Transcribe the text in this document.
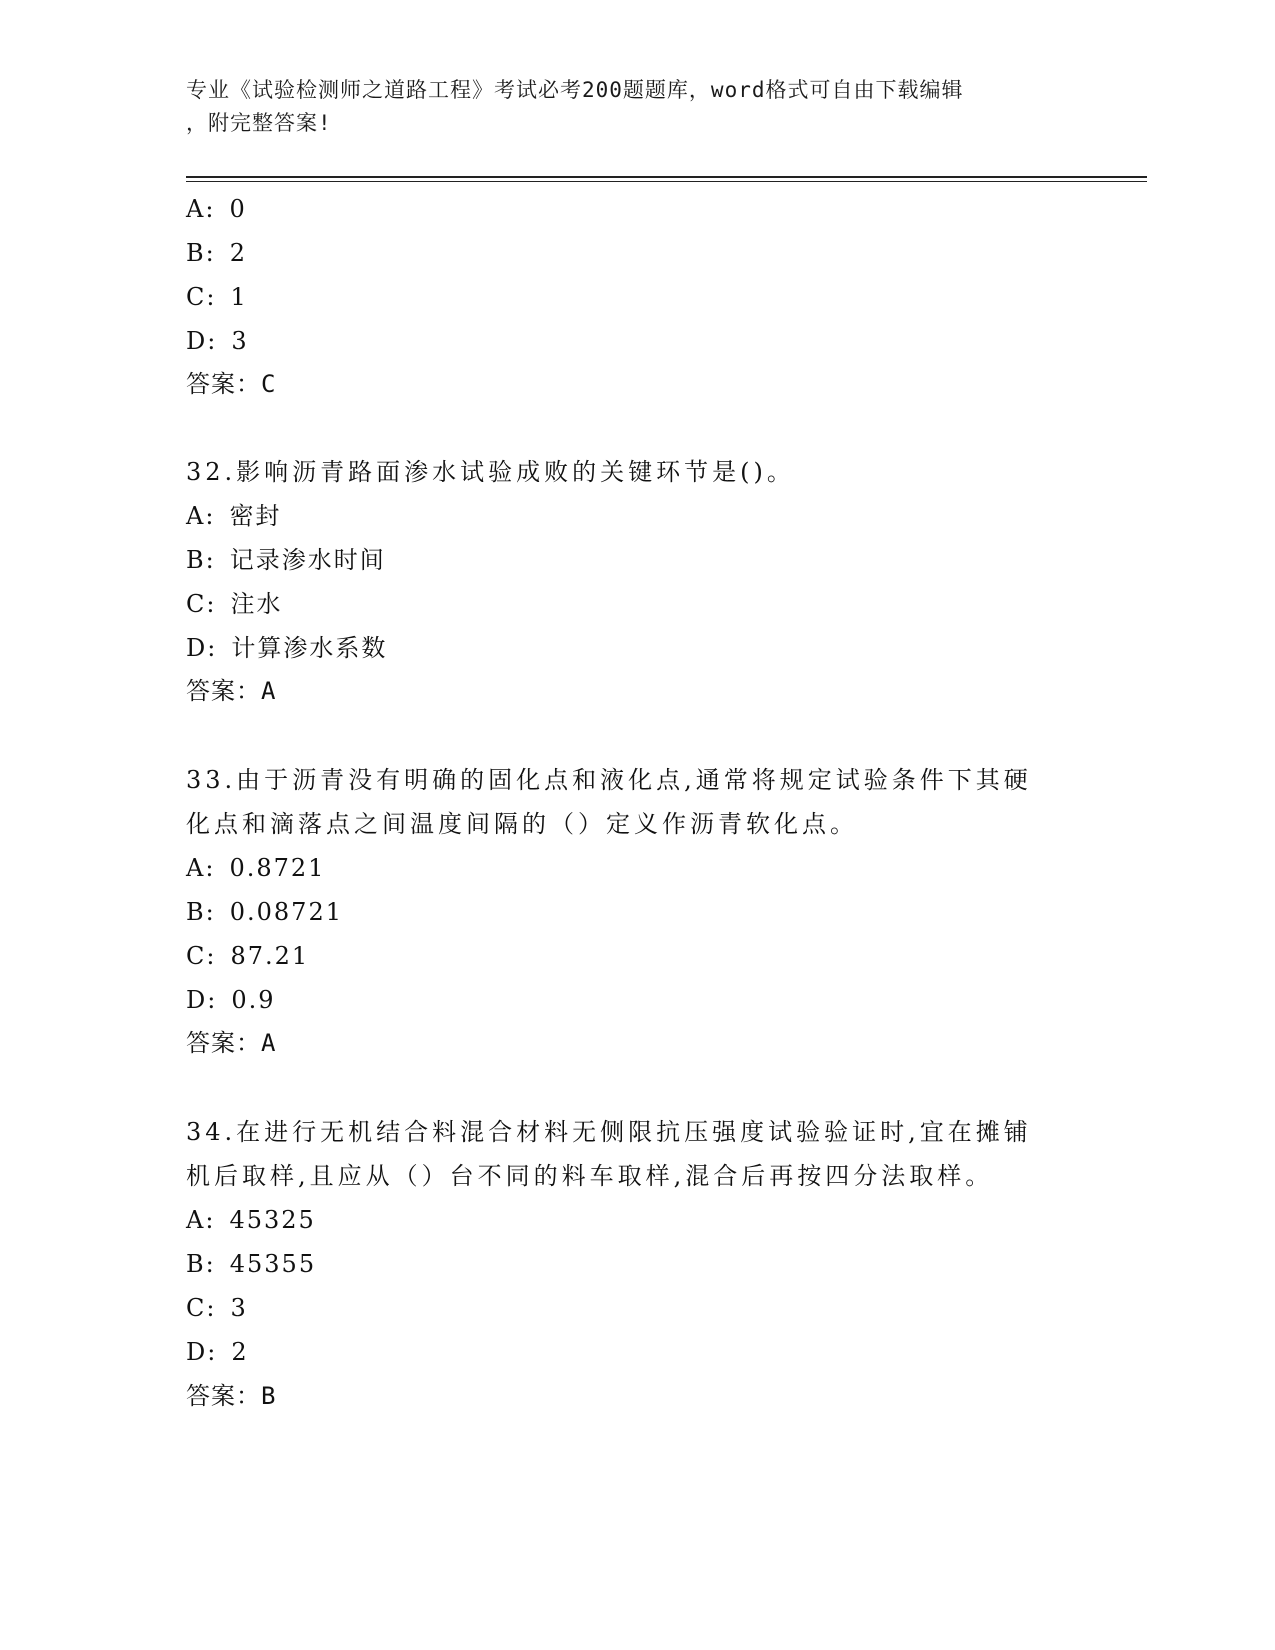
专业《试验检测师之道路工程》考试必考200题题库，word格式可自由下载编辑
，附完整答案!
A: 0
B: 2
C: 1
D: 3
答案：C
32.影响沥青路面渗水试验成败的关键环节是()。
A: 密封
B: 记录渗水时间
C: 注水
D: 计算渗水系数
答案：A
33.由于沥青没有明确的固化点和液化点,通常将规定试验条件下其硬
化点和滴落点之间温度间隔的（）定义作沥青软化点。
A: 0.8721
B: 0.08721
C: 87.21
D: 0.9
答案：A
34.在进行无机结合料混合材料无侧限抗压强度试验验证时,宜在摊铺
机后取样,且应从（）台不同的料车取样,混合后再按四分法取样。
A: 45325
B: 45355
C: 3
D: 2
答案：B
